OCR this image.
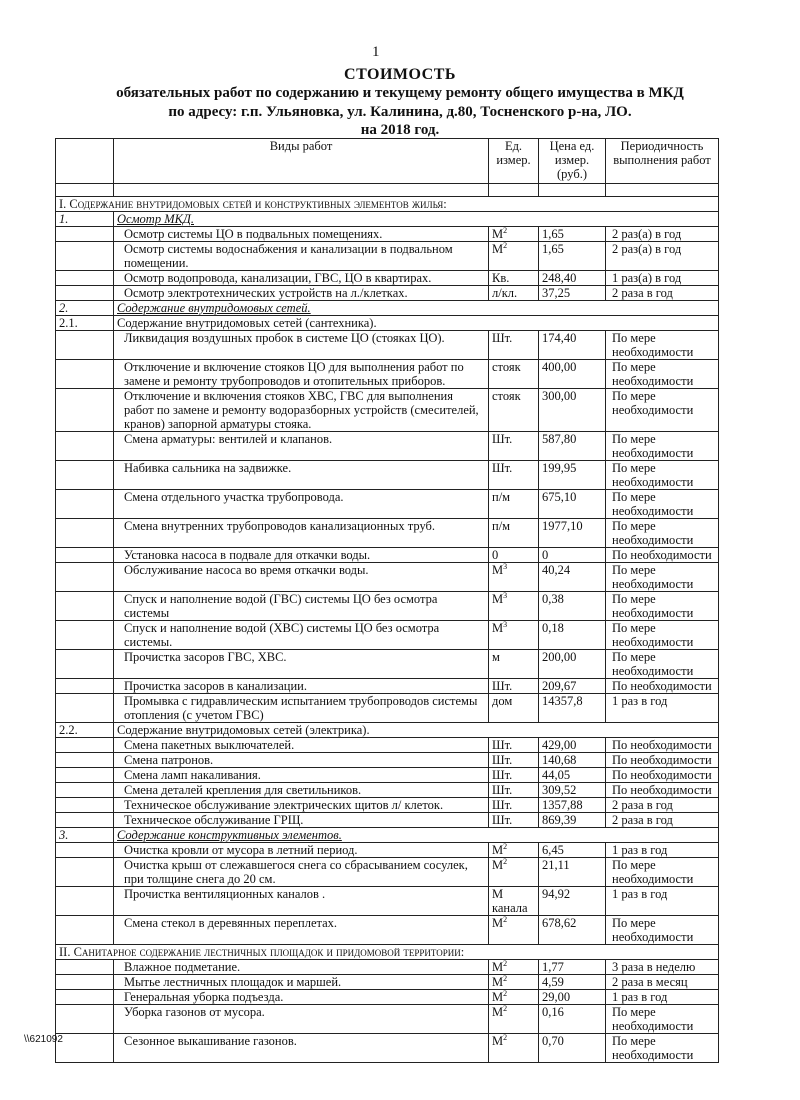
1
СТОИМОСТЬ
обязательных работ по содержанию и текущему ремонту общего имущества в МКД
по адресу: г.п. Ульяновка, ул. Калинина, д.80, Тосненского р-на, ЛО.
на 2018 год.
	Виды работ	Ед. измер.	Цена ед. измер. (руб.)	Периодичность выполнения работ

I. Содержание внутридомовых сетей и конструктивных элементов жилья:				
1.	Осмотр МКД.			
	Осмотр системы ЦО в подвальных помещениях.	$М^2$	1,65	2 раз(а) в год
	Осмотр системы водоснабжения и канализации в подвальном помещении.	$М^2$	1,65	2 раз(а) в год
	Осмотр водопровода, канализации, ГВС, ЦО в квартирах.	Кв.	248,40	1 раз(а) в год
	Осмотр электротехнических устройств на л./клетках.	л/кл.	37,25	2 раза в год
2.	Содержание внутридомовых сетей.			
2.1.	Содержание внутридомовых сетей (сантехника).			
	Ликвидация воздушных пробок в системе ЦО (стояках ЦО).	Шт.	174,40	По мере необходимости
	Отключение и включение стояков ЦО для выполнения работ по замене и ремонту трубопроводов и отопительных приборов.	стояк	400,00	По мере необходимости
	Отключение и включения стояков ХВС, ГВС для выполнения работ по замене и ремонту водоразборных устройств (смесителей, кранов) запорной арматуры стояка.	стояк	300,00	По мере необходимости
	Смена арматуры: вентилей и клапанов.	Шт.	587,80	По мере необходимости
	Набивка сальника на задвижке.	Шт.	199,95	По мере необходимости
	Смена отдельного участка трубопровода.	п/м	675,10	По мере необходимости
	Смена внутренних трубопроводов канализационных труб.	п/м	1977,10	По мере необходимости
	Установка насоса в подвале для откачки воды.	0	0	По необходимости
	Обслуживание насоса во время откачки воды.	$М^3$	40,24	По мере необходимости
	Спуск и наполнение водой (ГВС) системы ЦО без осмотра системы	$М^3$	0,38	По мере необходимости
	Спуск и наполнение водой (ХВС) системы ЦО без осмотра системы.	$М^3$	0,18	По мере необходимости
	Прочистка засоров ГВС, ХВС.	м	200,00	По мере необходимости
	Прочистка засоров в канализации.	Шт.	209,67	По необходимости
	Промывка с гидравлическим испытанием трубопроводов системы отопления (с учетом ГВС)	дом	14357,8	1 раз в год
2.2.	Содержание внутридомовых сетей (электрика).			
	Смена пакетных выключателей.	Шт.	429,00	По необходимости
	Смена патронов.	Шт.	140,68	По необходимости
	Смена ламп накаливания.	Шт.	44,05	По необходимости
	Смена деталей крепления для светильников.	Шт.	309,52	По необходимости
	Техническое обслуживание электрических щитов л/ клеток.	Шт.	1357,88	2 раза в год
	Техническое обслуживание ГРЩ.	Шт.	869,39	2 раза в год
3.	Содержание конструктивных элементов.			
	Очистка кровли от мусора в летний период.	$М^2$	6,45	1 раз в год
	Очистка крыш от слежавшегося снега со сбрасыванием сосулек, при толщине снега до 20 см.	$М^2$	21,11	По мере необходимости
	Прочистка вентиляционных каналов .	М канала	94,92	1 раз в год
	Смена стекол в деревянных переплетах.	$М^2$	678,62	По мере необходимости
II. Санитарное содержание лестничных площадок и придомовой территории:				
	Влажное подметание.	$М^2$	1,77	3 раза в неделю
	Мытье лестничных площадок и маршей.	$М^2$	4,59	2 раза в месяц
	Генеральная уборка подъезда.	$М^2$	29,00	1 раз в год
	Уборка газонов от мусора.	$М^2$	0,16	По мере необходимости
	Сезонное выкашивание газонов.	$М^2$	0,70	По мере необходимости
\\621092
